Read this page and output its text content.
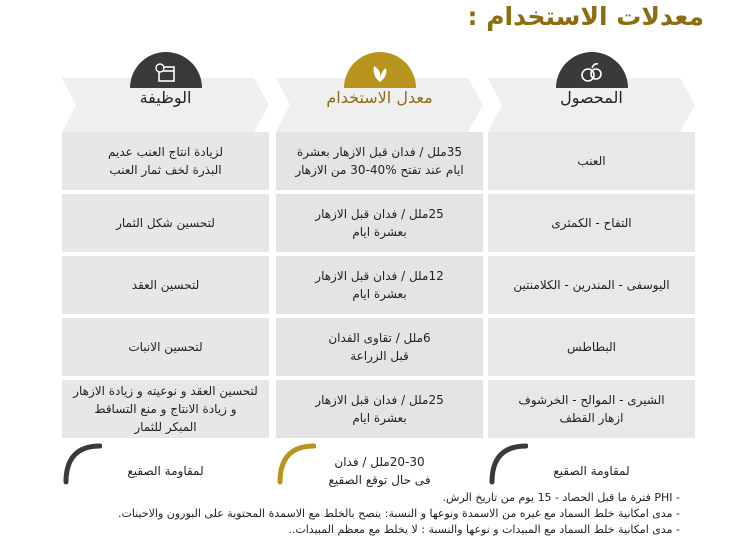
معدلات الاستخدام :
المحصول
العنب
التفاح - الكمثرى
اليوسفى - المندرين - الكلامنتين
البطاطس
الشيرى - الموالح - الخرشوف
ازهار القطف
لمقاومة الصقيع
معدل الاستخدام
35ملل / فدان قبل الازهار بعشرة
ايام عند تفتح %40-30 من الازهار
25ملل / فدان قبل الازهار
بعشرة ايام
12ملل / فدان قبل الازهار
بعشرة ايام
6ملل / تقاوى الفدان
قبل الزراعة
25ملل / فدان قبل الازهار
بعشرة ايام
20-30ملل / فدان
فى حال توقع الصقيع
الوظيفة
لزيادة انتاج العنب عديم
البذرة لخف ثمار العنب
لتحسين شكل الثمار
لتحسين العقد
لتحسين الانبات
لتحسين العقد و نوعيته و زيادة الازهار
و زيادة الانتاج و منع التساقط
المبكر للثمار
لمقاومة الصقيع
- PHI فترة ما قبل الحصاد - 15 يوم من تاريخ الرش.
- مدى امكانية خلط السماد مع غيره من الاسمدة ونوعها و النسبة: ينصح بالخلط مع الاسمدة المحتوية على البورون والاحينات.
- مدى امكانية خلط السماد مع المبيدات و نوعها والنسبة : لا يخلط مع معظم المبيدات..
